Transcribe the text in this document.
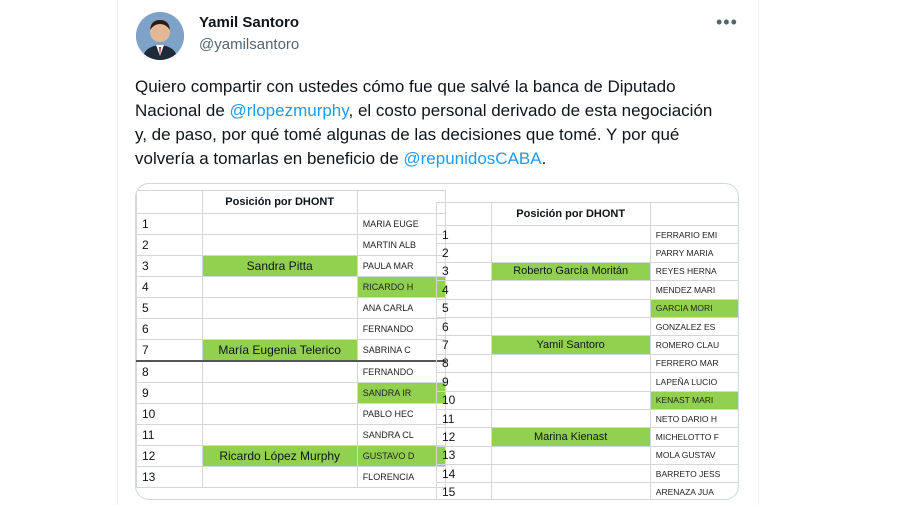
Yamil Santoro
@yamilsantoro
•••
Quiero compartir con ustedes cómo fue que salvé la banca de Diputado Nacional de @rlopezmurphy, el costo personal derivado de esta negociación y, de paso, por qué tomé algunas de las decisiones que tomé. Y por qué volvería a tomarlas en beneficio de @repunidosCABA.
	Posición por DHONT	
1		MARIA EUGE
2		MARTIN ALB
3	Sandra Pitta	PAULA MAR
4		RICARDO H
5		ANA CARLA
6		FERNANDO
7	María Eugenia Telerico	SABRINA C
8		FERNANDO
9		SANDRA IR
10		PABLO HEC
11		SANDRA CL
12	Ricardo López Murphy	GUSTAVO D
13		FLORENCIA
	Posición por DHONT	
1		FERRARIO EMI
2		PARRY MARIA
3	Roberto García Moritán	REYES HERNA
4		MENDEZ MARI
5		GARCIA MORI
6		GONZALEZ ES
7	Yamil Santoro	ROMERO CLAU
8		FERRERO MAR
9		LAPEÑA LUCIO
10		KENAST MARI
11		NETO DARIO H
12	Marina Kienast	MICHELOTTO F
13		MOLA GUSTAV
14		BARRETO JESS
15		ARENAZA JUA
